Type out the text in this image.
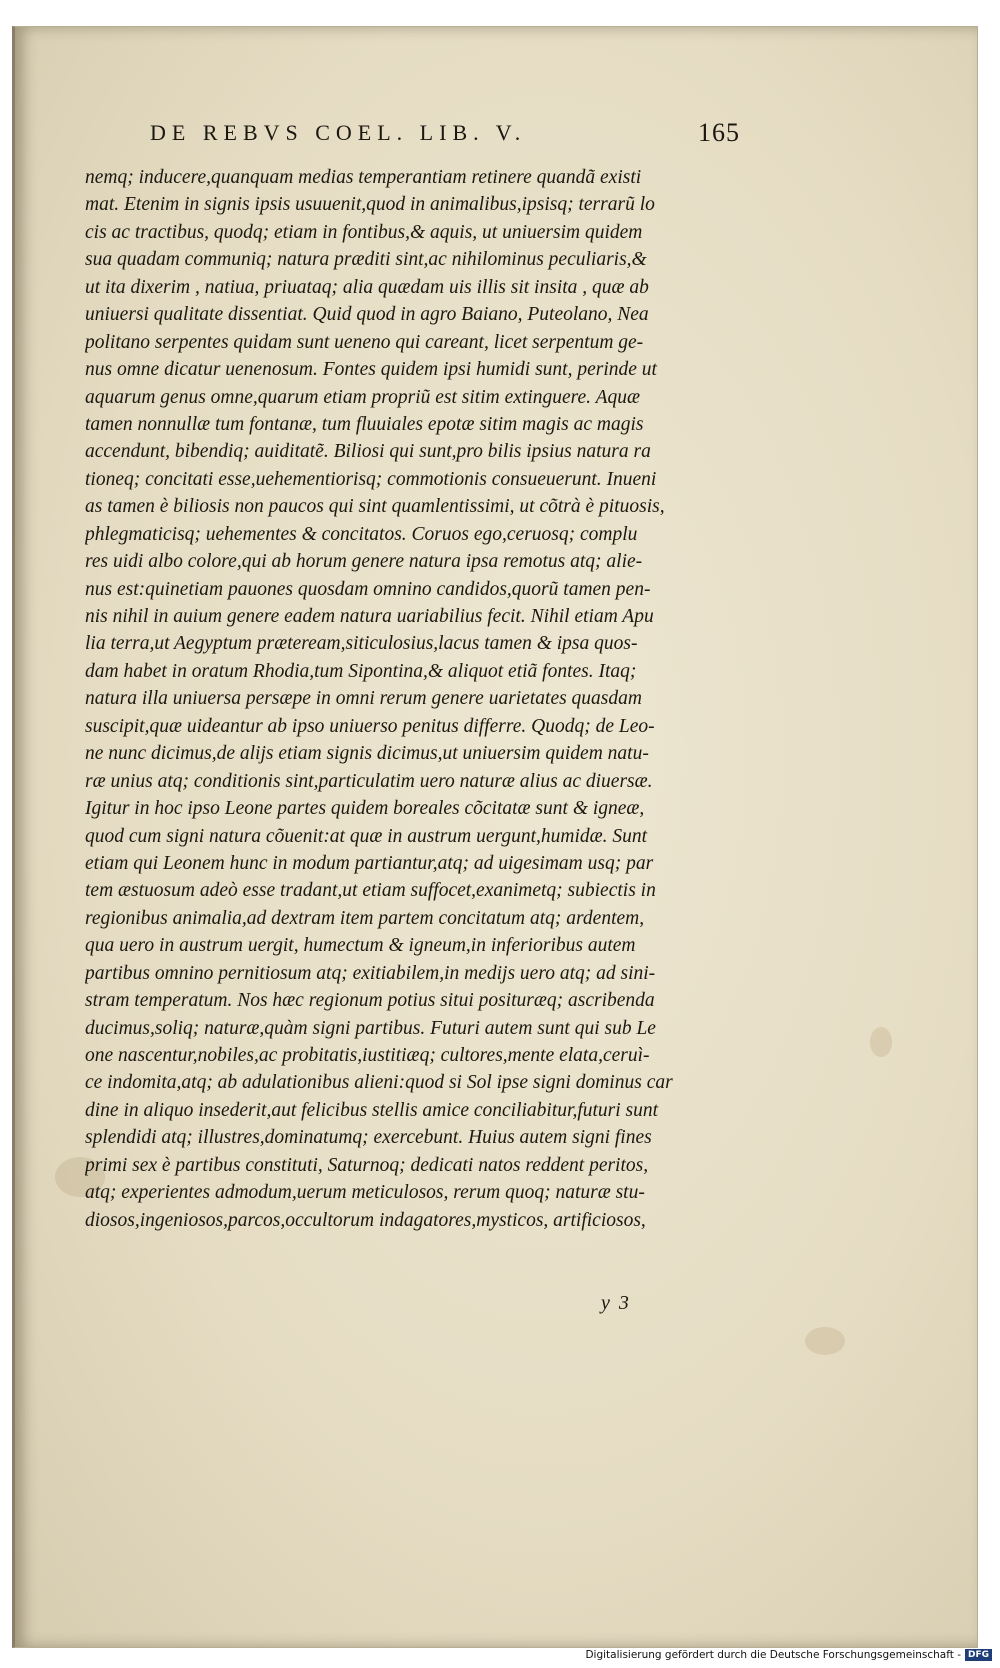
DE REBVS COEL. LIB. V.	165
nemq; inducere,quanquam medias temperantiam retinere quandã existi
mat. Etenim in signis ipsis usuuenit,quod in animalibus,ipsisq; terrarũ lo
cis ac tractibus, quodq; etiam in fontibus,& aquis, ut uniuersim quidem
sua quadam communiq; natura præditi sint,ac nihilominus peculiaris,&
ut ita dixerim , natiua, priuataq; alia quædam uis illis sit insita , quæ ab
uniuersi qualitate dissentiat. Quid quod in agro Baiano, Puteolano, Nea
politano serpentes quidam sunt ueneno qui careant, licet serpentum ge-
nus omne dicatur uenenosum. Fontes quidem ipsi humidi sunt, perinde ut
aquarum genus omne,quarum etiam propriũ est sitim extinguere. Aquæ
tamen nonnullæ tum fontanæ, tum fluuiales epotæ sitim magis ac magis
accendunt, bibendiq; auiditatẽ. Biliosi qui sunt,pro bilis ipsius natura ra
tioneq; concitati esse,uehementiorisq; commotionis consueuerunt. Inueni
as tamen è biliosis non paucos qui sint quamlentissimi, ut cõtrà è pituosis,
phlegmaticisq; uehementes & concitatos. Coruos ego,ceruosq; complu
res uidi albo colore,qui ab horum genere natura ipsa remotus atq; alie-
nus est:quinetiam pauones quosdam omnino candidos,quorũ tamen pen-
nis nihil in auium genere eadem natura uariabilius fecit. Nihil etiam Apu
lia terra,ut Aegyptum præteream,siticulosius,lacus tamen & ipsa quos-
dam habet in oratum Rhodia,tum Sipontina,& aliquot etiã fontes. Itaq;
natura illa uniuersa persæpe in omni rerum genere uarietates quasdam
suscipit,quæ uideantur ab ipso uniuerso penitus differre. Quodq; de Leo-
ne nunc dicimus,de alijs etiam signis dicimus,ut uniuersim quidem natu-
ræ unius atq; conditionis sint,particulatim uero naturæ alius ac diuersæ.
Igitur in hoc ipso Leone partes quidem boreales cõcitatæ sunt & igneæ,
quod cum signi natura cõuenit:at quæ in austrum uergunt,humidæ. Sunt
etiam qui Leonem hunc in modum partiantur,atq; ad uigesimam usq; par
tem æstuosum adeò esse tradant,ut etiam suffocet,exanimetq; subiectis in
regionibus animalia,ad dextram item partem concitatum atq; ardentem,
qua uero in austrum uergit, humectum & igneum,in inferioribus autem
partibus omnino pernitiosum atq; exitiabilem,in medijs uero atq; ad sini-
stram temperatum. Nos hæc regionum potius situi posituræq; ascribenda
ducimus,soliq; naturæ,quàm signi partibus. Futuri autem sunt qui sub Le
one nascentur,nobiles,ac probitatis,iustitiæq; cultores,mente elata,ceruì-
ce indomita,atq; ab adulationibus alieni:quod si Sol ipse signi dominus car
dine in aliquo insederit,aut felicibus stellis amice conciliabitur,futuri sunt
splendidi atq; illustres,dominatumq; exercebunt. Huius autem signi fines
primi sex è partibus constituti, Saturnoq; dedicati natos reddent peritos,
atq; experientes admodum,uerum meticulosos, rerum quoq; naturæ stu-
diosos,ingeniosos,parcos,occultorum indagatores,mysticos, artificiosos,
y 3
Digitalisierung gefördert durch die Deutsche Forschungsgemeinschaft - DFG
